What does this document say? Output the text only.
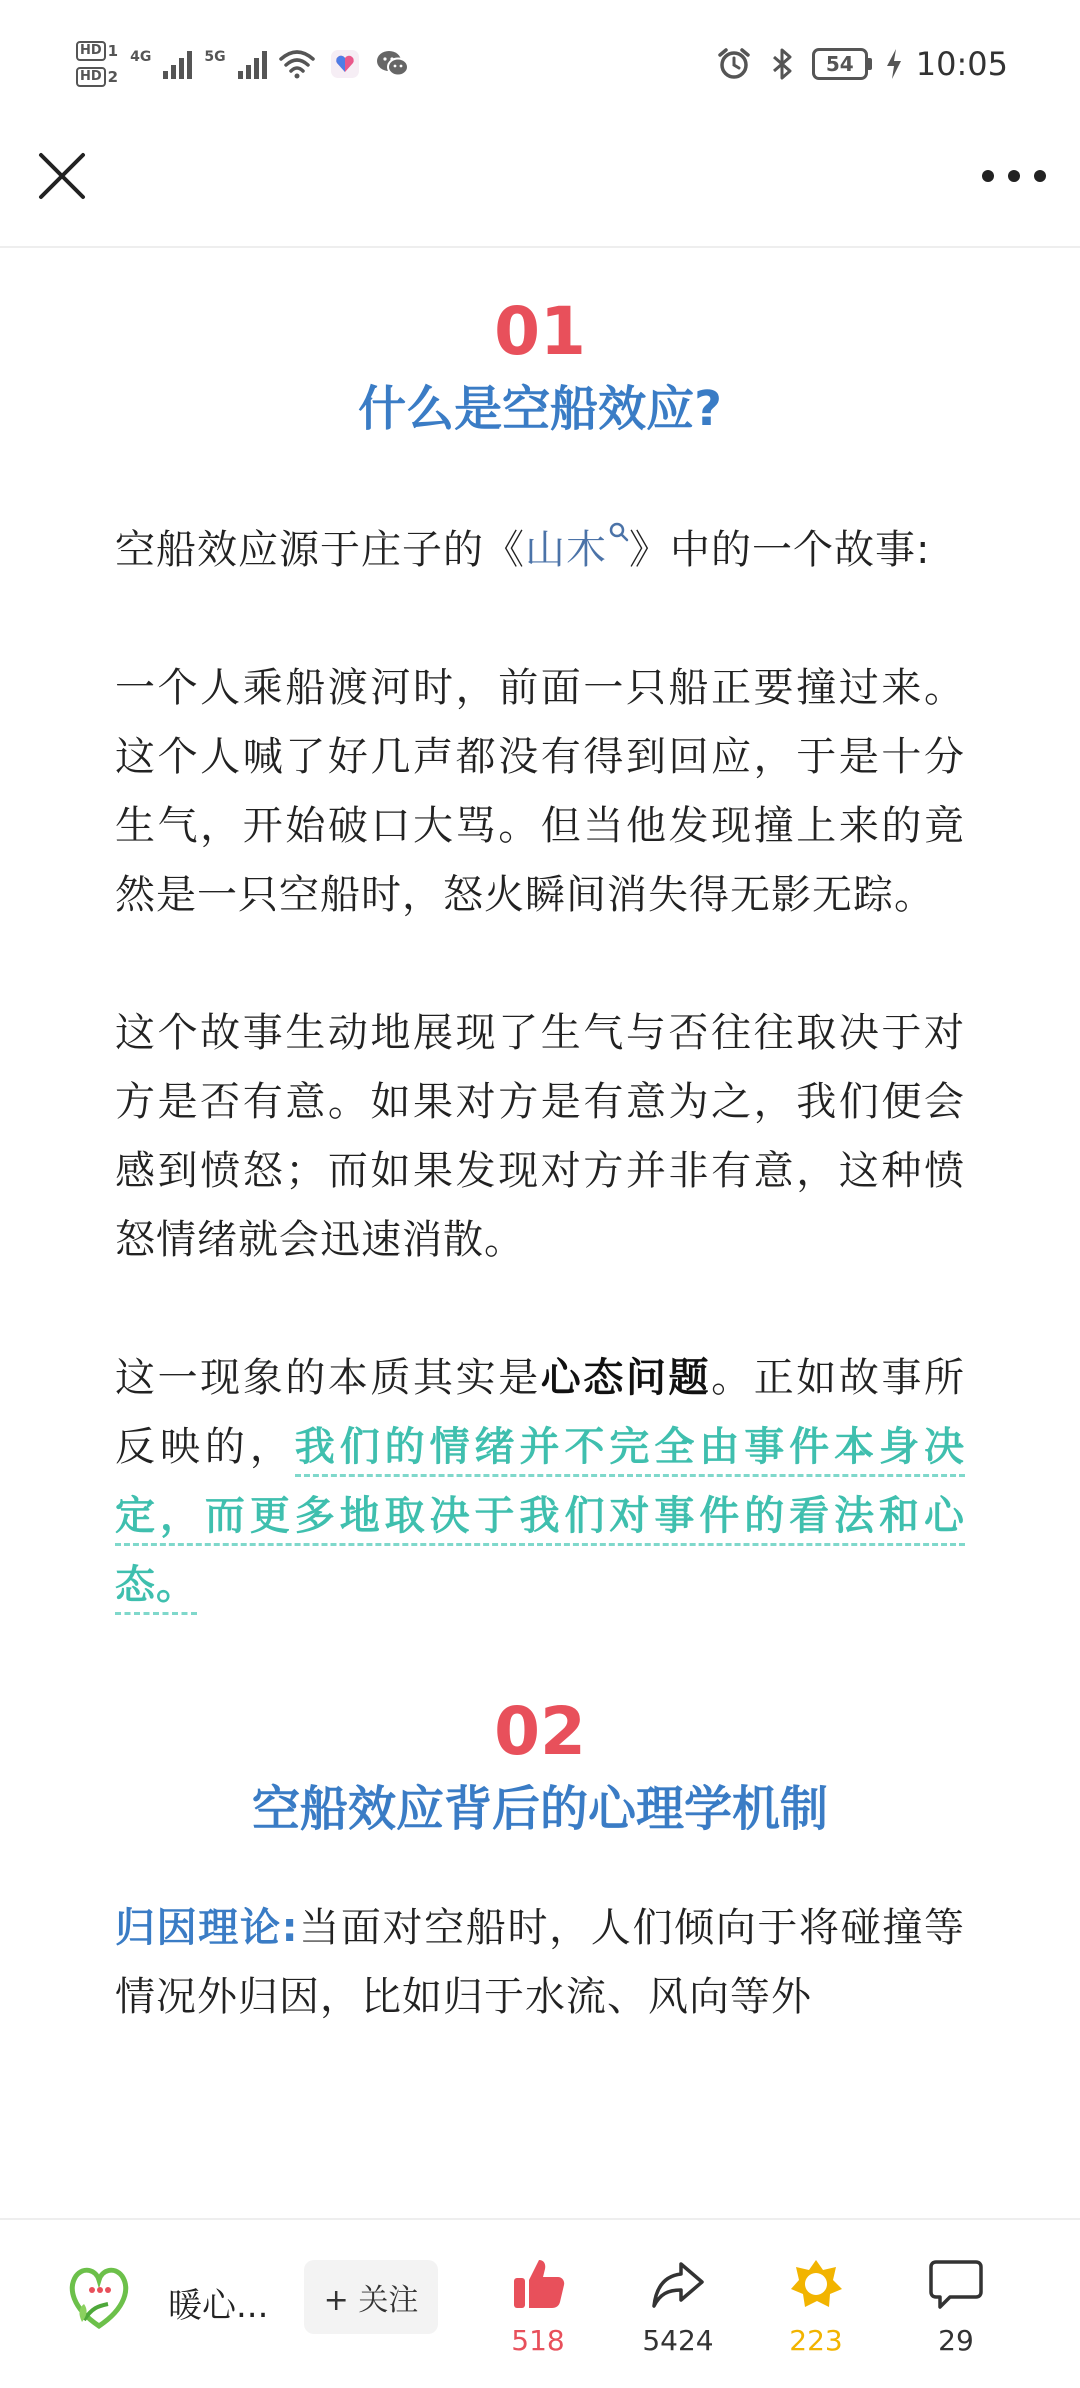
HD 1
HD 2
4G	5G	54	10:05
01
什么是空船效应?

空船效应源于庄子的《山木 》中的一个故事:

一个人乘船渡河时，前面一只船正要撞过来。这个人喊了好几声都没有得到回应，于是十分生气，开始破口大骂。但当他发现撞上来的竟然是一只空船时，怒火瞬间消失得无影无踪。

这个故事生动地展现了生气与否往往取决于对方是否有意。如果对方是有意为之，我们便会感到愤怒；而如果发现对方并非有意，这种愤怒情绪就会迅速消散。

这一现象的本质其实是心态问题。正如故事所反映的，我们的情绪并不完全由事件本身决定，而更多地取决于我们对事件的看法和心态。

02
空船效应背后的心理学机制

归因理论:当面对空船时，人们倾向于将碰撞等情况外归因，比如归于水流、风向等外

暖心...	+ 关注
518	5424	223	29
